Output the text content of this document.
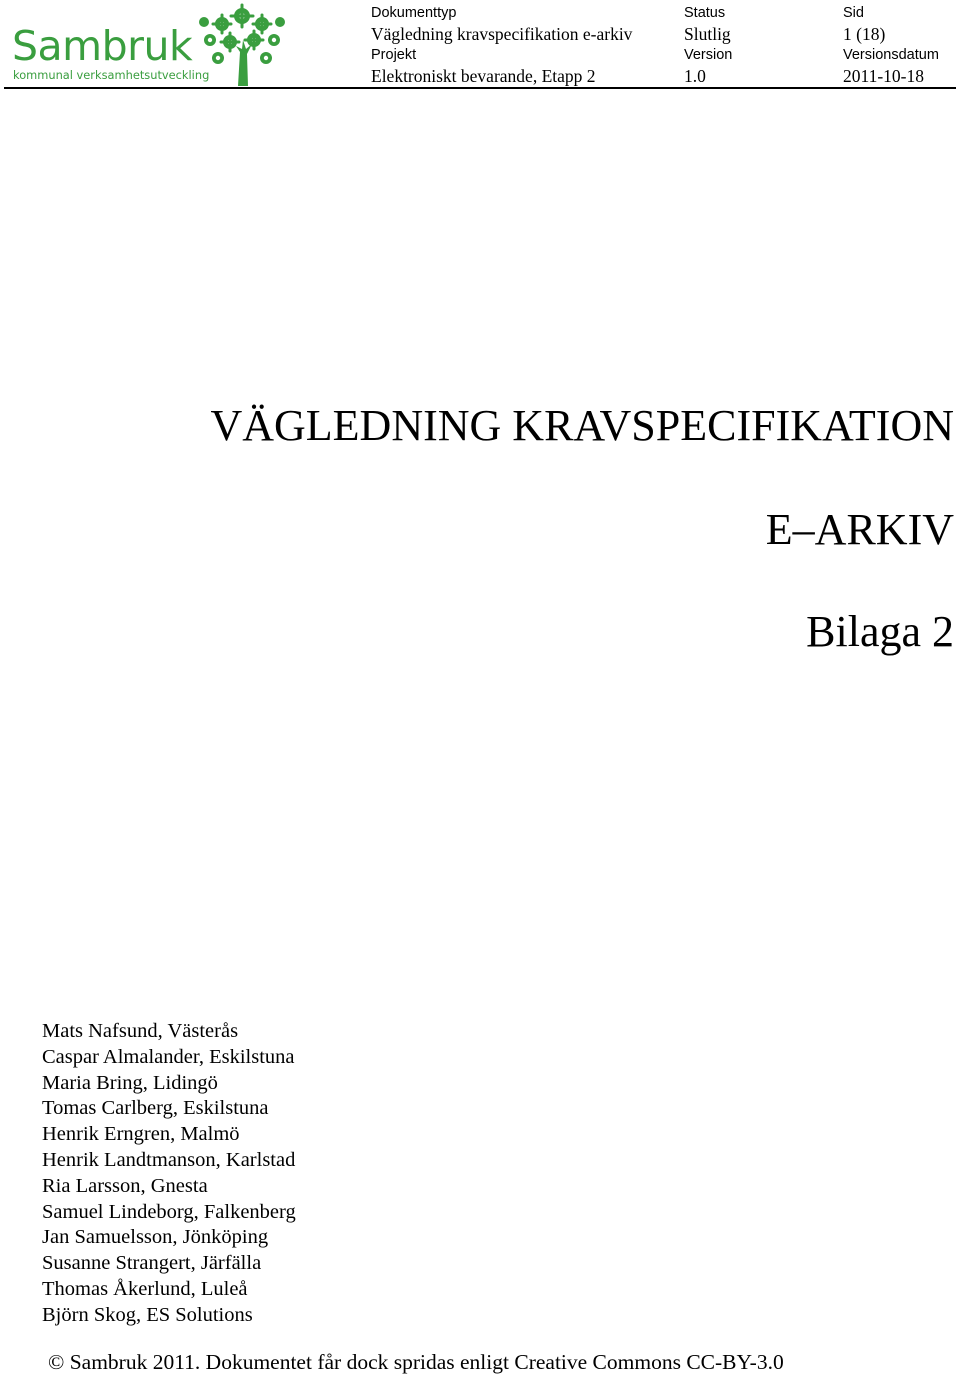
Sambruk
kommunal verksamhetsutveckling
Dokumenttyp
Vägledning kravspecifikation e-arkiv
Status
Slutlig
Sid
1 (18)
Projekt
Elektroniskt bevarande, Etapp 2
Version
1.0
Versionsdatum
2011-10-18
VÄGLEDNING KRAVSPECIFIKATION
E–ARKIV
Bilaga 2
Mats Nafsund, Västerås
Caspar Almalander, Eskilstuna
Maria Bring, Lidingö
Tomas Carlberg, Eskilstuna
Henrik Erngren, Malmö
Henrik Landtmanson, Karlstad
Ria Larsson, Gnesta
Samuel Lindeborg, Falkenberg
Jan Samuelsson, Jönköping
Susanne Strangert, Järfälla
Thomas Åkerlund, Luleå
Björn Skog, ES Solutions
© Sambruk 2011. Dokumentet får dock spridas enligt Creative Commons CC-BY-3.0
